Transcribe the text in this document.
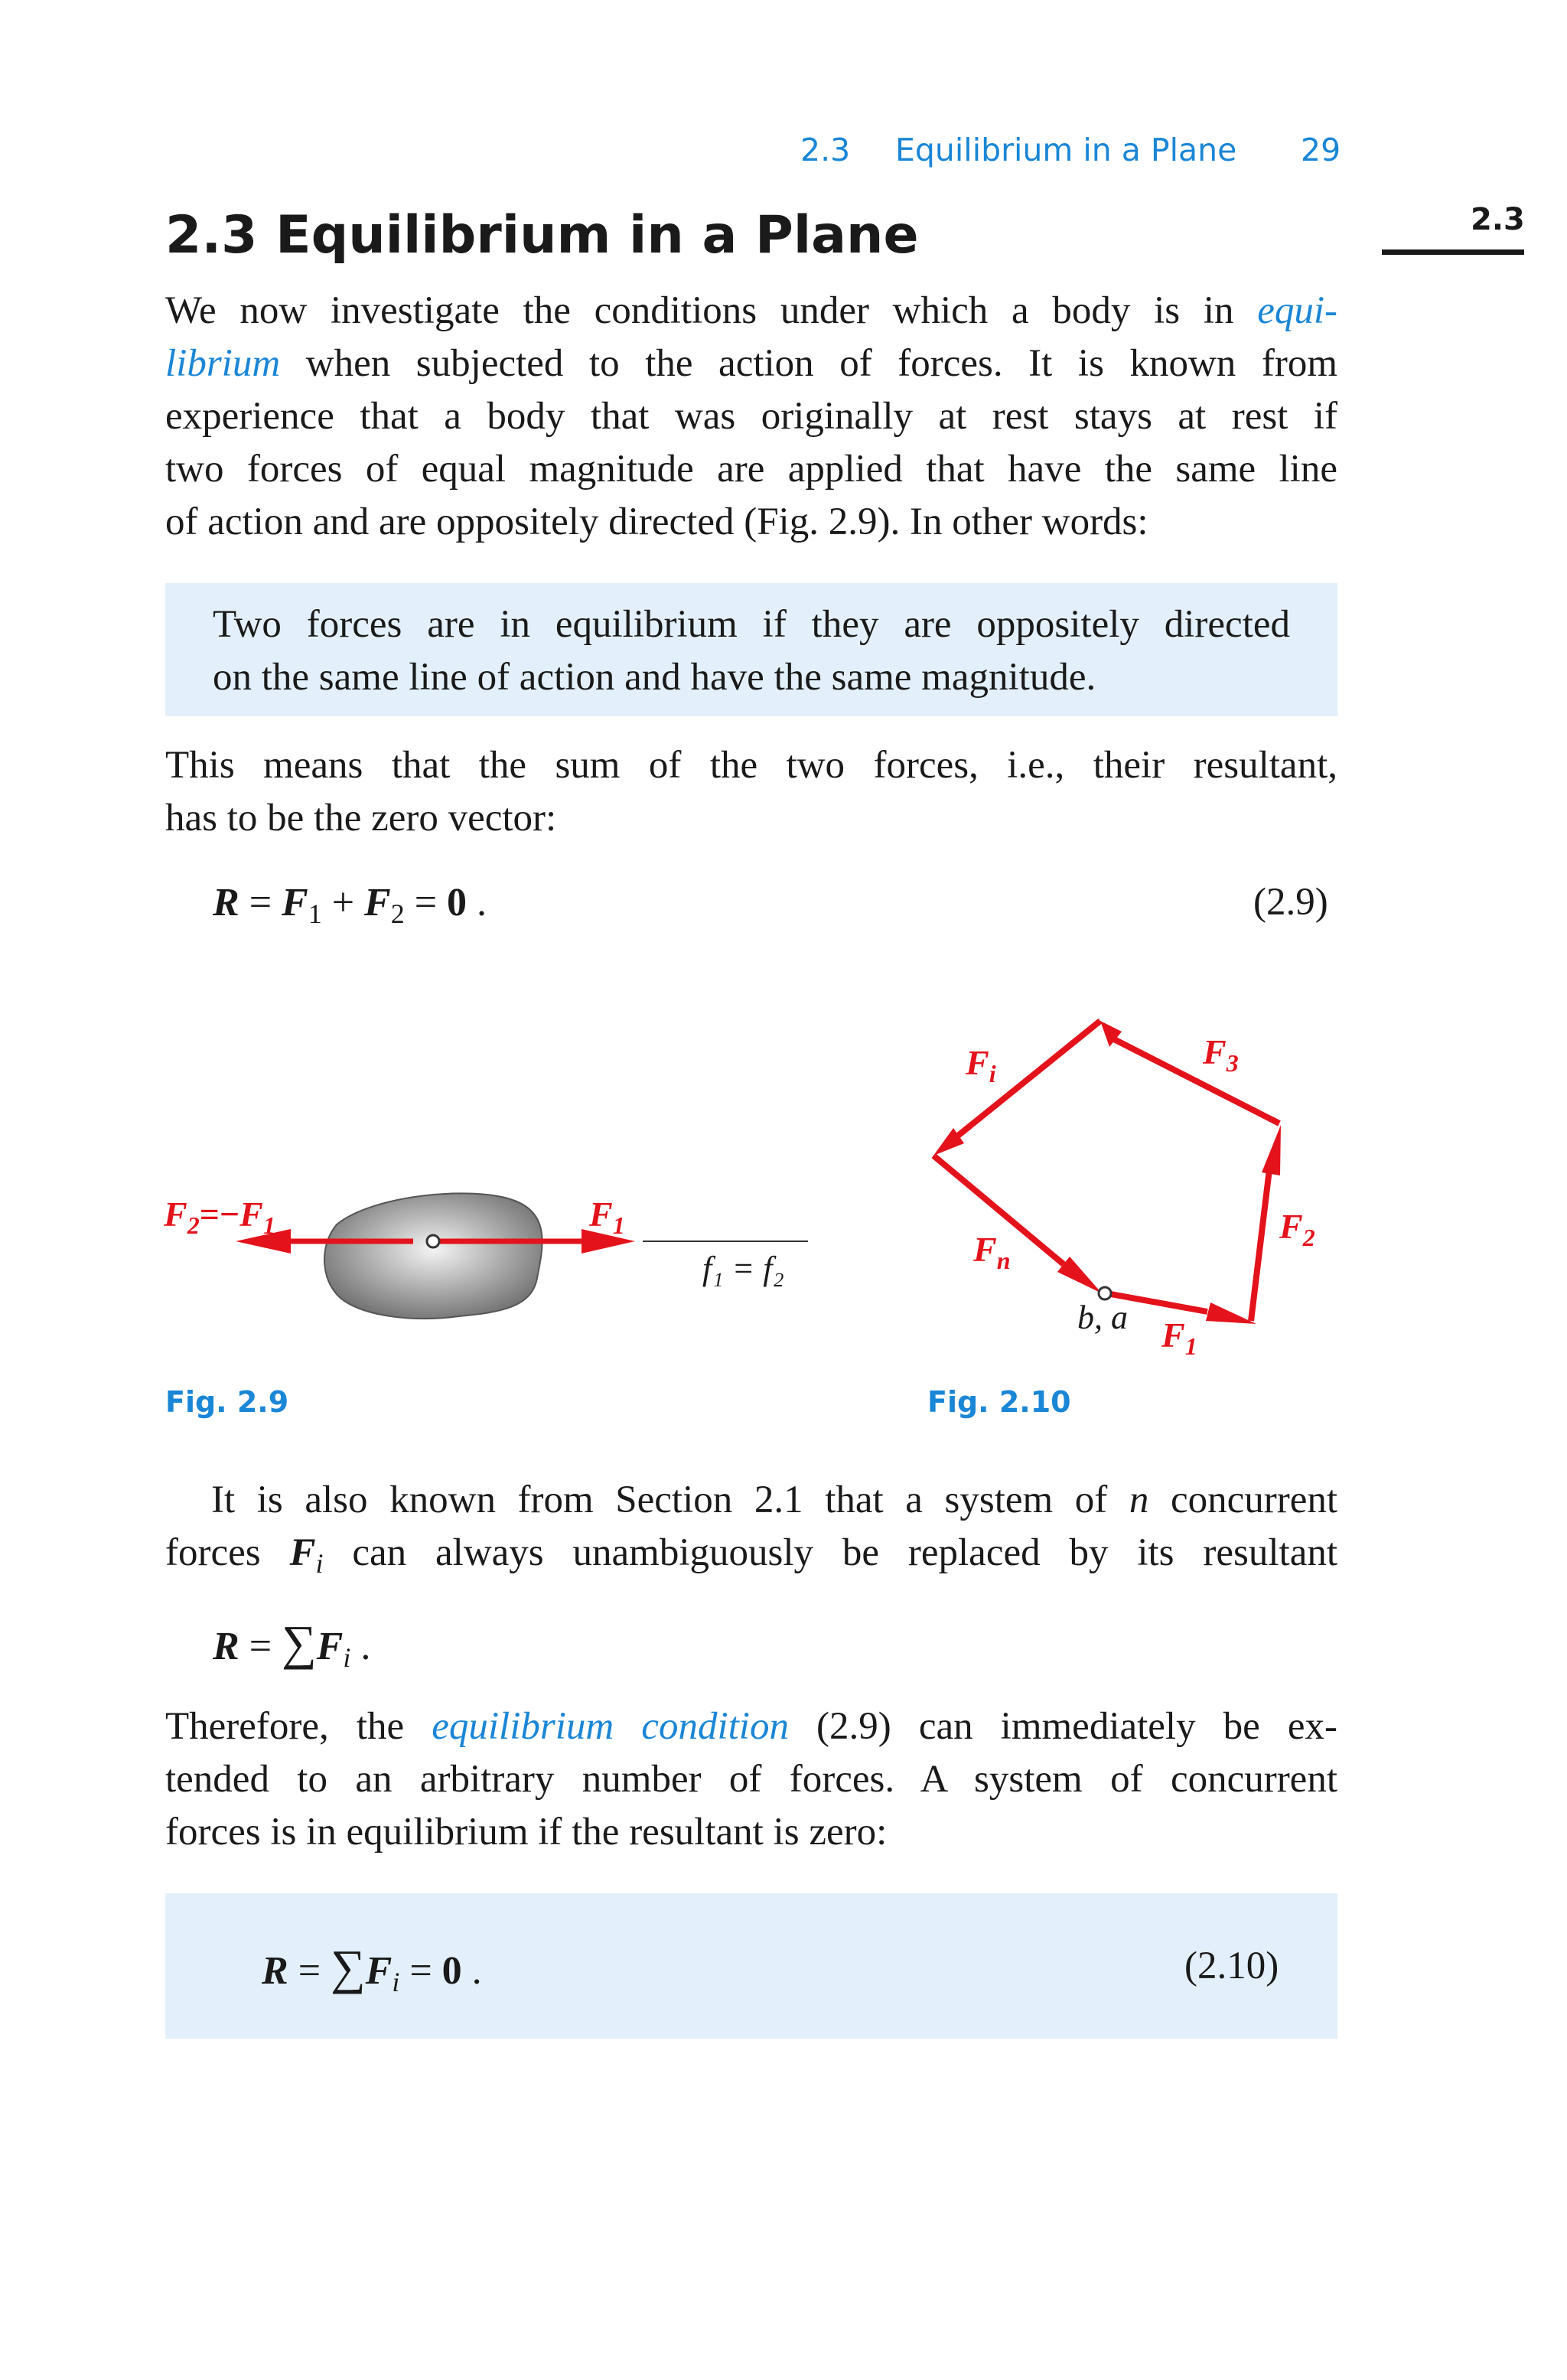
2.3 Equilibrium in a Plane 29
2.3
2.3 Equilibrium in a Plane
We now investigate the conditions under which a body is in equi-
librium when subjected to the action of forces. It is known from
experience that a body that was originally at rest stays at rest if
two forces of equal magnitude are applied that have the same line
of action and are oppositely directed (Fig. 2.9). In other words:
Two forces are in equilibrium if they are oppositely directed
on the same line of action and have the same magnitude.
This means that the sum of the two forces, i.e., their resultant,
has to be the zero vector:
$R = F_1 + F_2 = 0$ .	(2.9)
$F_2=-F_1$	$F_1$
f₁ = f₂
Fig. 2.9
$F_i$
$F_3$
$F_2$
$F_n$
$F_1$
b, a
Fig. 2.10
It is also known from Section 2.1 that a system of n concurrent
forces $F_i$ can always unambiguously be replaced by its resultant
$R = \sum F_i$ .
Therefore, the equilibrium condition (2.9) can immediately be ex-
tended to an arbitrary number of forces. A system of concurrent
forces is in equilibrium if the resultant is zero:
$R = \sum F_i = 0$ .	(2.10)
